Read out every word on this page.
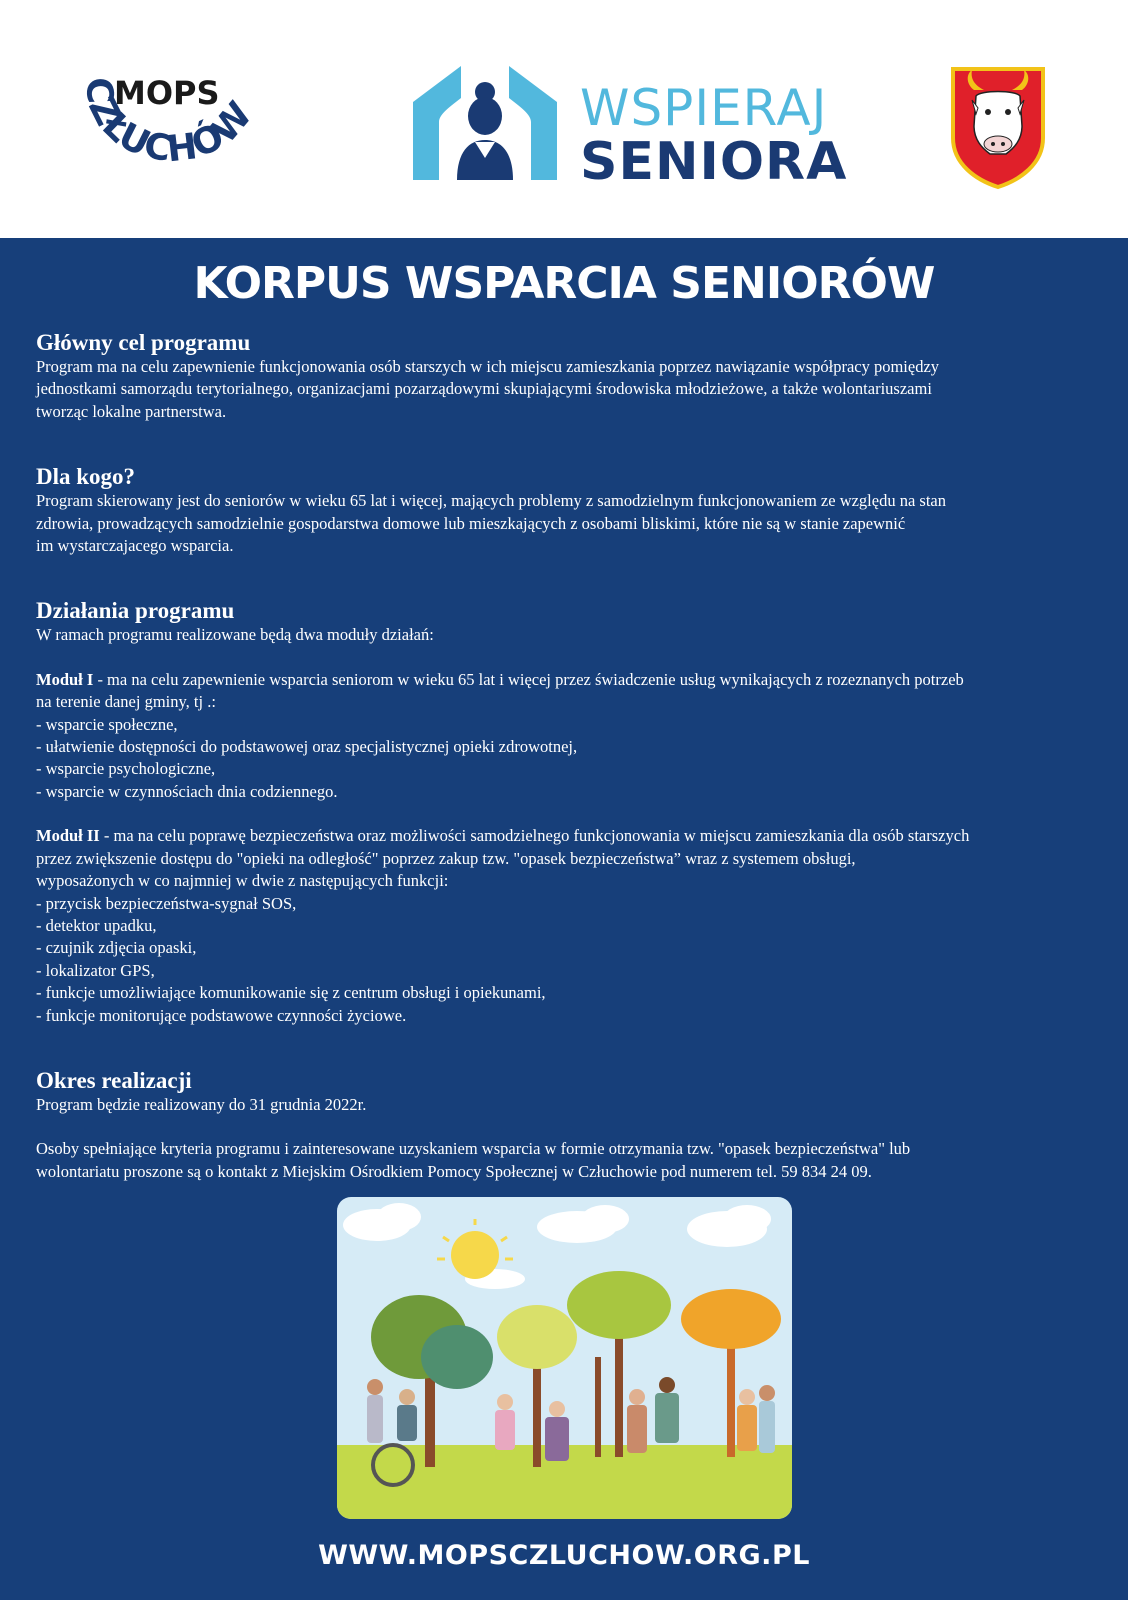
MOPS
CZŁUCHÓW	WSPIERAJ
SENIORA
KORPUS WSPARCIA SENIORÓW
Główny cel programu

Program ma na celu zapewnienie funkcjonowania osób starszych w ich miejscu zamieszkania poprzez nawiązanie współpracy pomiędzy

jednostkami samorządu terytorialnego, organizacjami pozarządowymi skupiającymi środowiska młodzieżowe, a także wolontariuszami

tworząc lokalne partnerstwa.

Dla kogo?

Program skierowany jest do seniorów w wieku 65 lat i więcej, mających problemy z samodzielnym funkcjonowaniem ze względu na stan

zdrowia, prowadzących samodzielnie gospodarstwa domowe lub mieszkających z osobami bliskimi, które nie są w stanie zapewnić

im wystarczajacego wsparcia.

Działania programu

W ramach programu realizowane będą dwa moduły działań:

Moduł I - ma na celu zapewnienie wsparcia seniorom w wieku 65 lat i więcej przez świadczenie usług wynikających z rozeznanych potrzeb

na terenie danej gminy, tj .:

- wsparcie społeczne,

- ułatwienie dostępności do podstawowej oraz specjalistycznej opieki zdrowotnej,

- wsparcie psychologiczne,

- wsparcie w czynnościach dnia codziennego.

Moduł II - ma na celu poprawę bezpieczeństwa oraz możliwości samodzielnego funkcjonowania w miejscu zamieszkania dla osób starszych

przez zwiększenie dostępu do "opieki na odległość" poprzez zakup tzw. "opasek bezpieczeństwa” wraz z systemem obsługi,

wyposażonych w co najmniej w dwie z następujących funkcji:

- przycisk bezpieczeństwa-sygnał SOS,

- detektor upadku,

- czujnik zdjęcia opaski,

- lokalizator GPS,

- funkcje umożliwiające komunikowanie się z centrum obsługi i opiekunami,

- funkcje monitorujące podstawowe czynności życiowe.

Okres realizacji

Program będzie realizowany do 31 grudnia 2022r.

Osoby spełniające kryteria programu i zainteresowane uzyskaniem wsparcia w formie otrzymania tzw. "opasek bezpieczeństwa" lub

wolontariatu proszone są o kontakt z Miejskim Ośrodkiem Pomocy Społecznej w Człuchowie pod numerem tel. 59 834 24 09.

WWW.MOPSCZLUCHOW.ORG.PL
